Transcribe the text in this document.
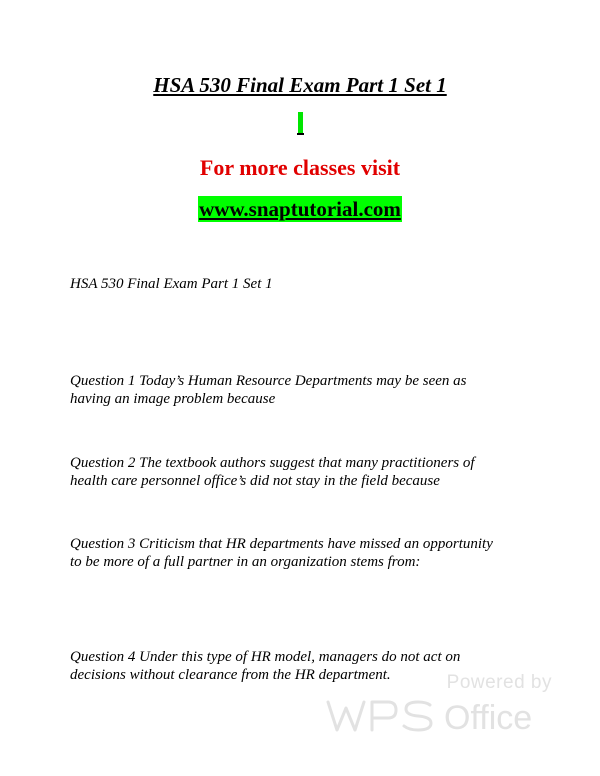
HSA 530 Final Exam Part 1 Set 1
For more classes visit
www.snaptutorial.com
HSA 530 Final Exam Part 1 Set 1
Question 1 Today’s Human Resource Departments may be seen as
having an image problem because
Question 2 The textbook authors suggest that many practitioners of
health care personnel office’s did not stay in the field because
Question 3 Criticism that HR departments have missed an opportunity
to be more of a full partner in an organization stems from:
Question 4 Under this type of HR model, managers do not act on
decisions without clearance from the HR department.	Powered by
Office
